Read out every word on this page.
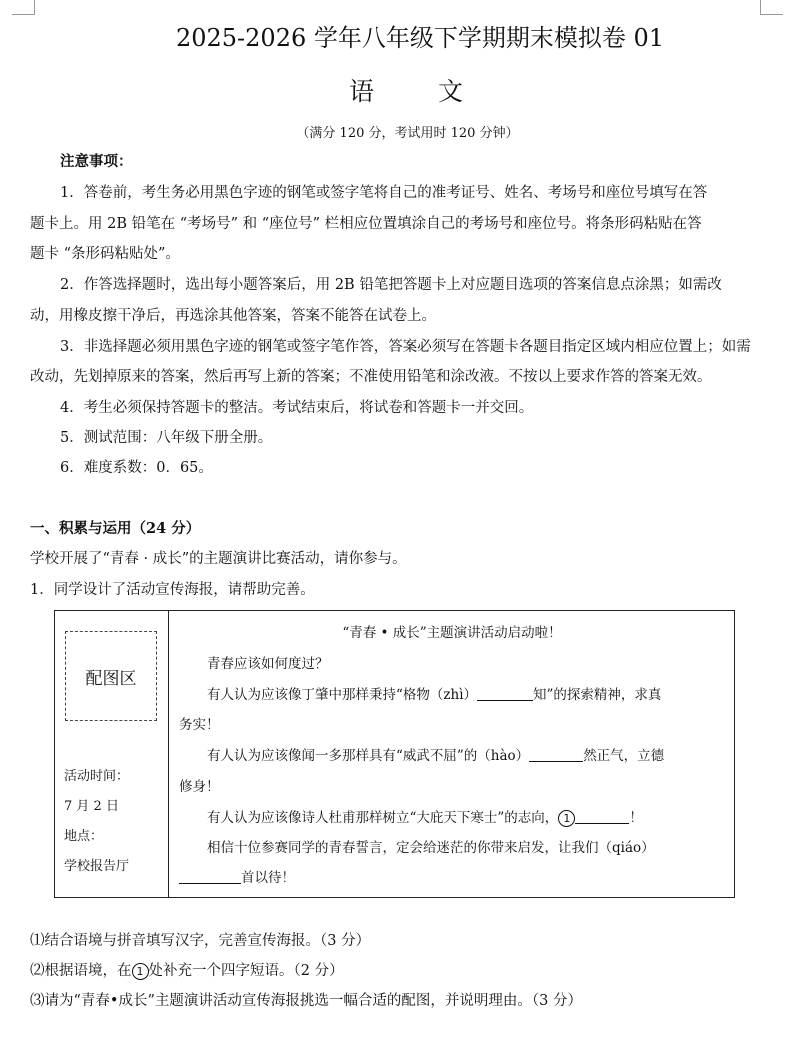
2025-2026 学年八年级下学期期末模拟卷 01
语 文
（满分 120 分，考试用时 120 分钟）
注意事项：
1．答卷前，考生务必用黑色字迹的钢笔或签字笔将自己的准考证号、姓名、考场号和座位号填写在答
题卡上。用 2B 铅笔在 “考场号” 和 “座位号” 栏相应位置填涂自己的考场号和座位号。将条形码粘贴在答
题卡 “条形码粘贴处”。
2．作答选择题时，选出每小题答案后，用 2B 铅笔把答题卡上对应题目选项的答案信息点涂黑；如需改
动，用橡皮擦干净后，再选涂其他答案，答案不能答在试卷上。
3．非选择题必须用黑色字迹的钢笔或签字笔作答，答案必须写在答题卡各题目指定区域内相应位置上；如需
改动，先划掉原来的答案，然后再写上新的答案；不准使用铅笔和涂改液。不按以上要求作答的答案无效。
4．考生必须保持答题卡的整洁。考试结束后，将试卷和答题卡一并交回。
5．测试范围：八年级下册全册。
6．难度系数：0．65。
一、积累与运用（24 分）
学校开展了“青春 · 成长”的主题演讲比赛活动，请你参与。
1．同学设计了活动宣传海报，请帮助完善。
配图区
活动时间：
7 月 2 日
地点：
学校报告厅
“青春 • 成长”主题演讲活动启动啦！
青春应该如何度过？
有人认为应该像丁肇中那样秉持“格物（zhì）	知”的探索精神，求真
务实！
有人认为应该像闻一多那样具有“威武不屈”的（hào）	然正气，立德
修身！
有人认为应该像诗人杜甫那样树立“大庇天下寒士”的志向， 1	！
相信十位参赛同学的青春誓言，定会给迷茫的你带来启发，让我们（qiáo）
首以待！
⑴结合语境与拼音填写汉字，完善宣传海报。（3 分）
⑵根据语境，在 1 处补充一个四字短语。（2 分）
⑶请为“青春•成长”主题演讲活动宣传海报挑选一幅合适的配图，并说明理由。（3 分）
